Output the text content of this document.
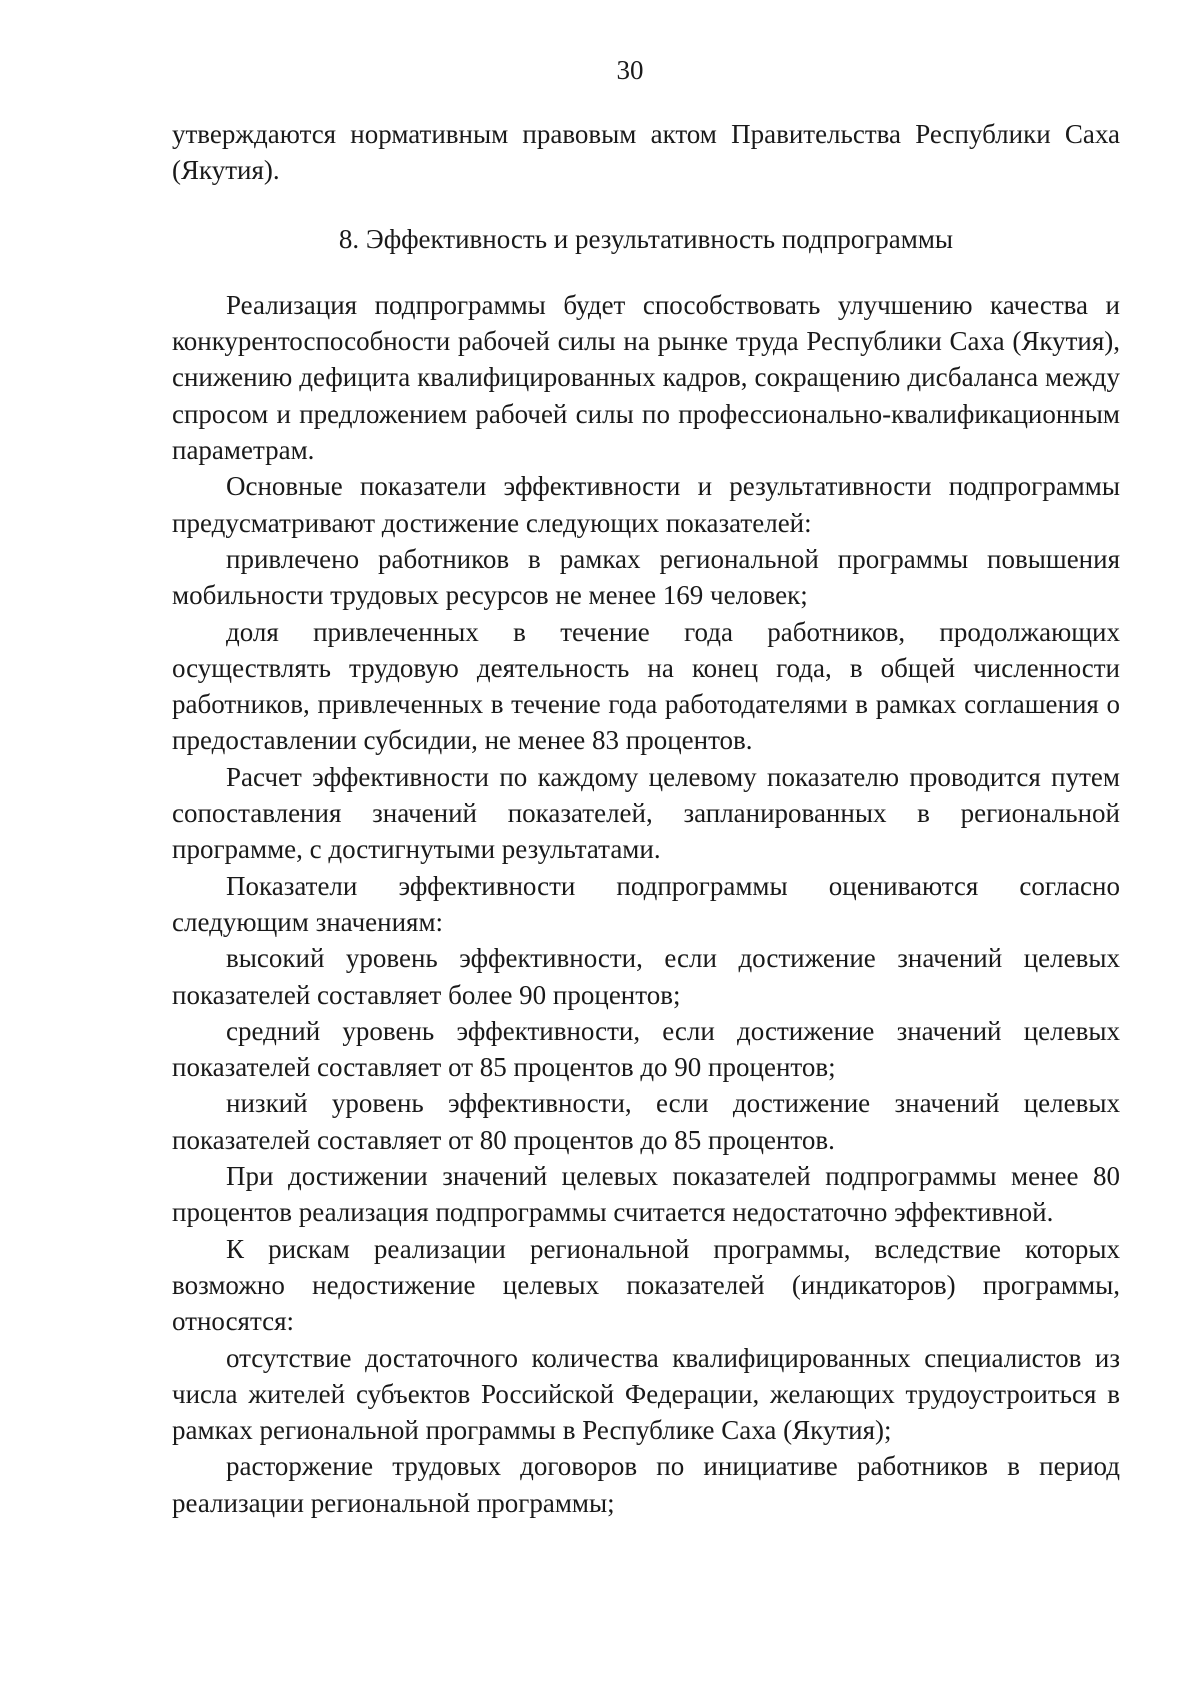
30

утверждаются нормативным правовым актом Правительства Республики Саха (Якутия).

8. Эффективность и результативность подпрограммы

Реализация подпрограммы будет способствовать улучшению качества и конкурентоспособности рабочей силы на рынке труда Республики Саха (Якутия), снижению дефицита квалифицированных кадров, сокращению дисбаланса между спросом и предложением рабочей силы по профессионально-квалификационным параметрам.

Основные показатели эффективности и результативности подпрограммы предусматривают достижение следующих показателей:

привлечено работников в рамках региональной программы повышения мобильности трудовых ресурсов не менее 169 человек;

доля привлеченных в течение года работников, продолжающих осуществлять трудовую деятельность на конец года, в общей численности работников, привлеченных в течение года работодателями в рамках соглашения о предоставлении субсидии, не менее 83 процентов.

Расчет эффективности по каждому целевому показателю проводится путем сопоставления значений показателей, запланированных в региональной программе, с достигнутыми результатами.

Показатели эффективности подпрограммы оцениваются согласно следующим значениям:

высокий уровень эффективности, если достижение значений целевых показателей составляет более 90 процентов;

средний уровень эффективности, если достижение значений целевых показателей составляет от 85 процентов до 90 процентов;

низкий уровень эффективности, если достижение значений целевых показателей составляет от 80 процентов до 85 процентов.

При достижении значений целевых показателей подпрограммы менее 80 процентов реализация подпрограммы считается недостаточно эффективной.

К рискам реализации региональной программы, вследствие которых возможно недостижение целевых показателей (индикаторов) программы, относятся:

отсутствие достаточного количества квалифицированных специалистов из числа жителей субъектов Российской Федерации, желающих трудоустроиться в рамках региональной программы в Республике Саха (Якутия);

расторжение трудовых договоров по инициативе работников в период реализации региональной программы;
